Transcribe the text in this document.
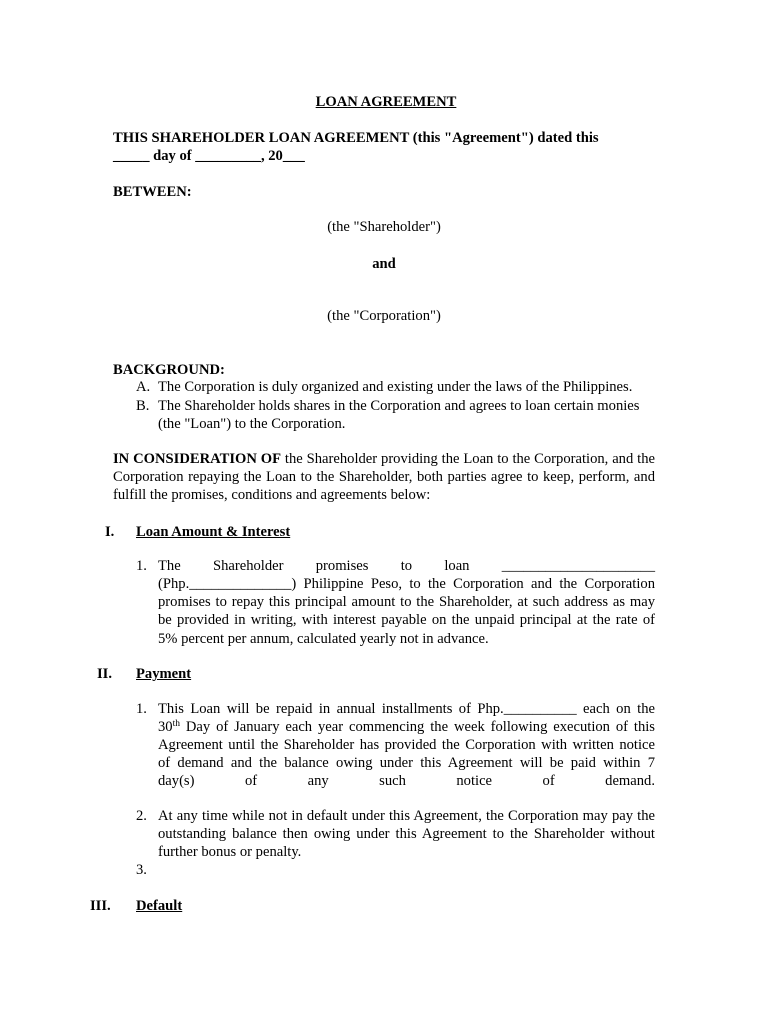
LOAN AGREEMENT
THIS SHAREHOLDER LOAN AGREEMENT (this "Agreement") dated this
_____ day of _________, 20___
BETWEEN:
(the "Shareholder")
and
(the "Corporation")
BACKGROUND:
A. The Corporation is duly organized and existing under the laws of the Philippines.
B. The Shareholder holds shares in the Corporation and agrees to loan certain monies
(the "Loan") to the Corporation.
IN CONSIDERATION OF the Shareholder providing the Loan to the Corporation, and the Corporation repaying the Loan to the Shareholder, both parties agree to keep, perform, and fulfill the promises, conditions and agreements below:
I. Loan Amount & Interest
1. The Shareholder promises to loan _____________________
(Php.______________) Philippine Peso, to the Corporation and the Corporation promises to repay this principal amount to the Shareholder, at such address as may be provided in writing, with interest payable on the unpaid principal at the rate of 5% percent per annum, calculated yearly not in advance.
II. Payment
1. This Loan will be repaid in annual installments of Php.__________ each on the
30th Day of January each year commencing the week following execution of this
Agreement until the Shareholder has provided the Corporation with written notice
of demand and the balance owing under this Agreement will be paid within 7
day(s)	of	any	such	notice	of	demand.
2. At any time while not in default under this Agreement, the Corporation may pay the outstanding balance then owing under this Agreement to the Shareholder without further bonus or penalty.
3.
III. Default
